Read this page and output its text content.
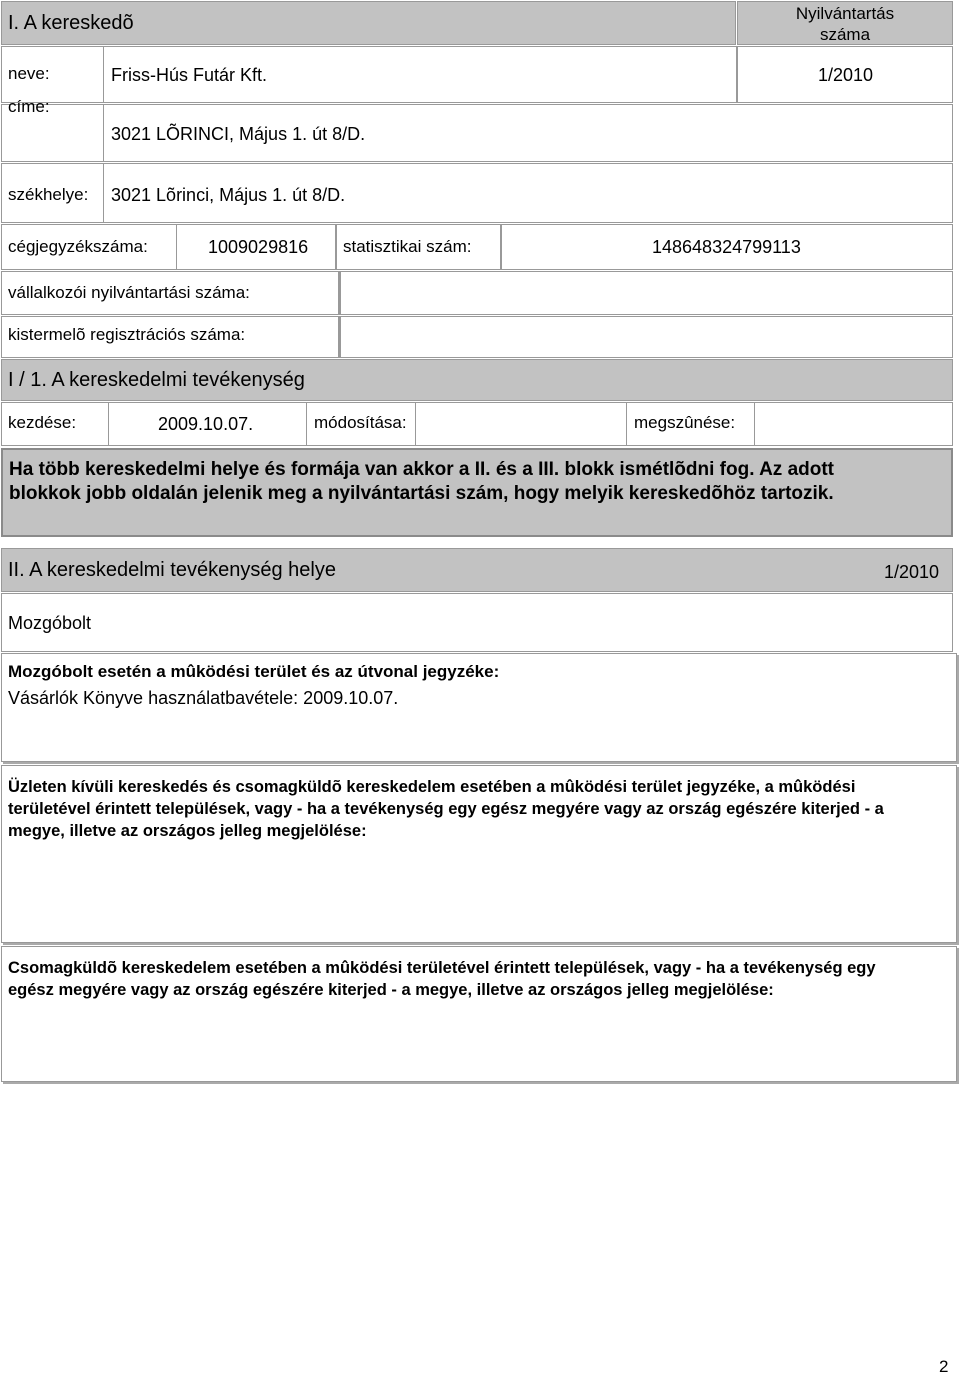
I. A kereskedõ	Nyilvántartás
száma
neve:	Friss-Hús Futár Kft.	1/2010
címe:
3021 LÕRINCI, Május 1. út 8/D.
székhelye: 3021 Lõrinci, Május 1. út 8/D.
cégjegyzékszáma:	1009029816 statisztikai szám:	148648324799113
vállalkozói nyilvántartási száma:
kistermelõ regisztrációs száma:
I / 1. A kereskedelmi tevékenység
kezdése:	2009.10.07.	módosítása:	megszûnése:
Ha több kereskedelmi helye és formája van akkor a II. és a III. blokk ismétlõdni fog. Az adott blokkok jobb oldalán jelenik meg a nyilvántartási szám, hogy melyik kereskedõhöz tartozik.
II. A kereskedelmi tevékenység helye	1/2010
Mozgóbolt
Mozgóbolt esetén a mûködési terület és az útvonal jegyzéke:
Vásárlók Könyve használatbavétele: 2009.10.07.
Üzleten kívüli kereskedés és csomagküldõ kereskedelem esetében a mûködési terület jegyzéke, a mûködési területével érintett települések, vagy - ha a tevékenység egy egész megyére vagy az ország egészére kiterjed - a megye, illetve az országos jelleg megjelölése:
Csomagküldõ kereskedelem esetében a mûködési területével érintett települések, vagy - ha a tevékenység egy egész megyére vagy az ország egészére kiterjed - a megye, illetve az országos jelleg megjelölése:
2
